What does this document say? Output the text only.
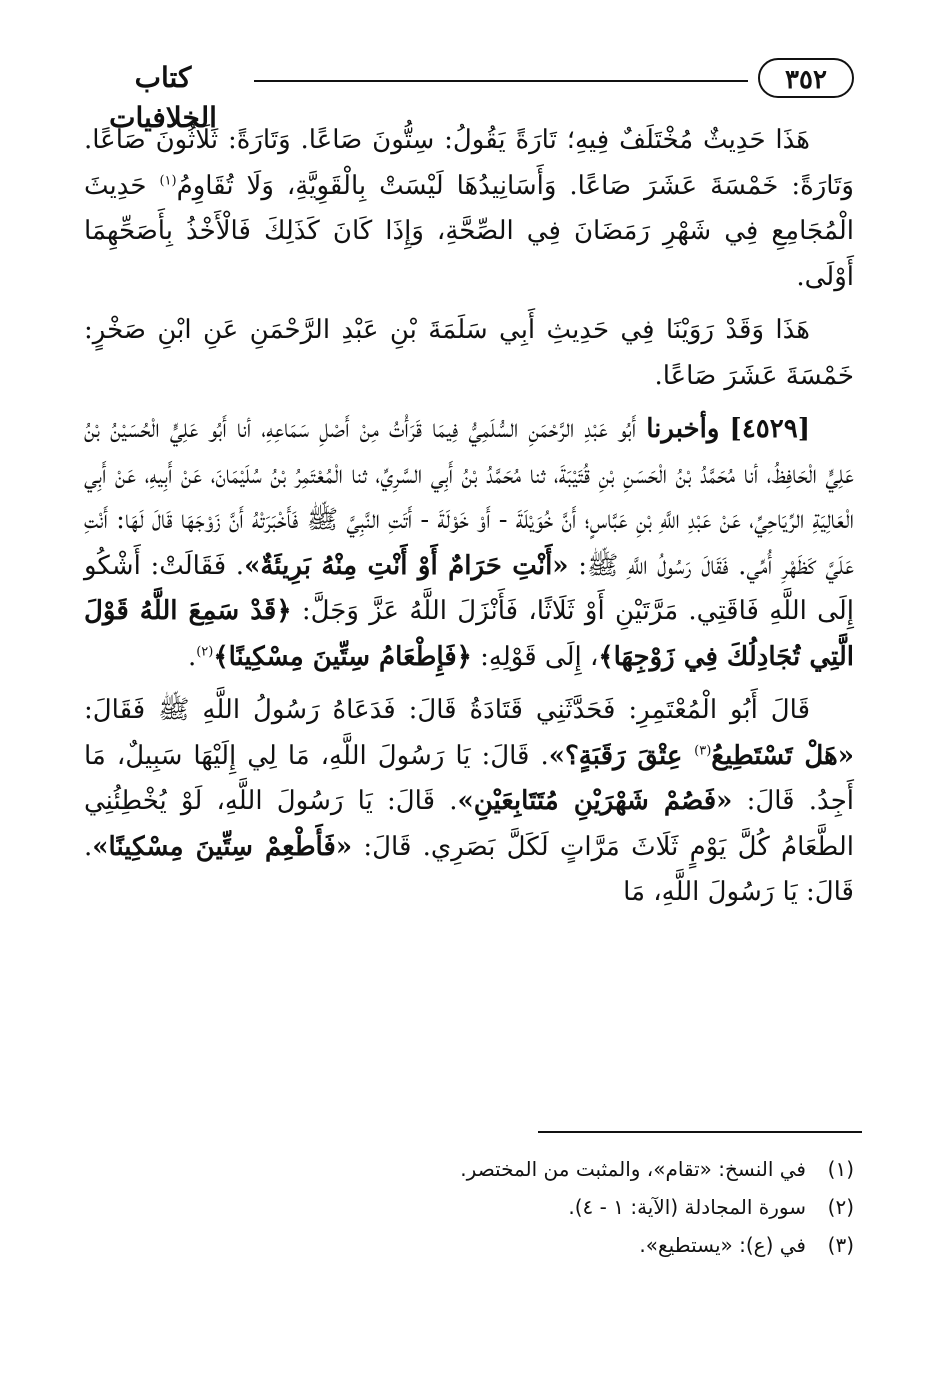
٣٥٢
كتاب الخلافيات

هَذَا حَدِيثٌ مُخْتَلَفٌ فِيهِ؛ تَارَةً يَقُولُ: سِتُّونَ صَاعًا. وَتَارَةً: ثَلَاثُونَ صَاعًا. وَتَارَةً: خَمْسَةَ عَشَرَ صَاعًا. وَأَسَانِيدُهَا لَيْسَتْ بِالْقَوِيَّةِ، وَلَا تُقَاوِمُ$^{(١)}$ حَدِيثَ الْمُجَامِعِ فِي شَهْرِ رَمَضَانَ فِي الصِّحَّةِ، وَإِذَا كَانَ كَذَلِكَ فَالْأَخْذُ بِأَصَحِّهِمَا أَوْلَى.

هَذَا وَقَدْ رَوَيْنَا فِي حَدِيثِ أَبِي سَلَمَةَ بْنِ عَبْدِ الرَّحْمَنِ عَنِ ابْنِ صَخْرٍ: خَمْسَةَ عَشَرَ صَاعًا.

[٤٥٢٩] وأخبرنا أَبُو عَبْدِ الرَّحْمَنِ السُّلَمِيُّ فِيمَا قَرَأْتُ مِنْ أَصْلِ سَمَاعِهِ، أنا أَبُو عَلِيٍّ الْحُسَيْنُ بْنُ عَلِيٍّ الْحَافِظُ، أنا مُحَمَّدُ بْنُ الْحَسَنِ بْنِ قُتَيْبَةَ، ثنا مُحَمَّدُ بْنُ أَبِي السَّرِيِّ، ثنا الْمُعْتَمِرُ بْنُ سُلَيْمَانَ، عَنْ أَبِيهِ، عَنْ أَبِي الْعَالِيَةِ الرِّيَاحِيِّ، عَنْ عَبْدِ اللَّهِ بْنِ عَبَّاسٍ؛ أَنَّ خُوَيْلَةَ - أَوْ خَوْلَةَ - أَتَتِ النَّبِيَّ ﷺ فَأَخْبَرَتْهُ أَنَّ زَوْجَهَا قَالَ لَهَا: أَنْتِ عَلَيَّ كَظَهْرِ أُمِّي. فَقَالَ رَسُولُ اللَّهِ ﷺ: «أَنْتِ حَرَامٌ أَوْ أَنْتِ مِنْهُ بَرِيئَةٌ». فَقَالَتْ: أَشْكُو إِلَى اللَّهِ فَاقَتِي. مَرَّتَيْنِ أَوْ ثَلَاثًا، فَأَنْزَلَ اللَّهُ عَزَّ وَجَلَّ: ﴿قَدْ سَمِعَ اللَّهُ قَوْلَ الَّتِي تُجَادِلُكَ فِي زَوْجِهَا﴾، إِلَى قَوْلِهِ: ﴿فَإِطْعَامُ سِتِّينَ مِسْكِينًا﴾$^{(٢)}$.

قَالَ أَبُو الْمُعْتَمِرِ: فَحَدَّثَنِي قَتَادَةُ قَالَ: فَدَعَاهُ رَسُولُ اللَّهِ ﷺ فَقَالَ: «هَلْ تَسْتَطِيعُ$^{(٣)}$ عِتْقَ رَقَبَةٍ؟». قَالَ: يَا رَسُولَ اللَّهِ، مَا لِي إِلَيْهَا سَبِيلٌ، مَا أَجِدُ. قَالَ: «فَصُمْ شَهْرَيْنِ مُتَتَابِعَيْنِ». قَالَ: يَا رَسُولَ اللَّهِ، لَوْ يُخْطِئُنِي الطَّعَامُ كُلَّ يَوْمٍ ثَلَاثَ مَرَّاتٍ لَكَلَّ بَصَرِي. قَالَ: «فَأَطْعِمْ سِتِّينَ مِسْكِينًا». قَالَ: يَا رَسُولَ اللَّهِ، مَا

(١)
في النسخ: «تقام»، والمثبت من المختصر.
(٢)
سورة المجادلة (الآية: ١ - ٤).
(٣)
في (ع): «يستطيع».
